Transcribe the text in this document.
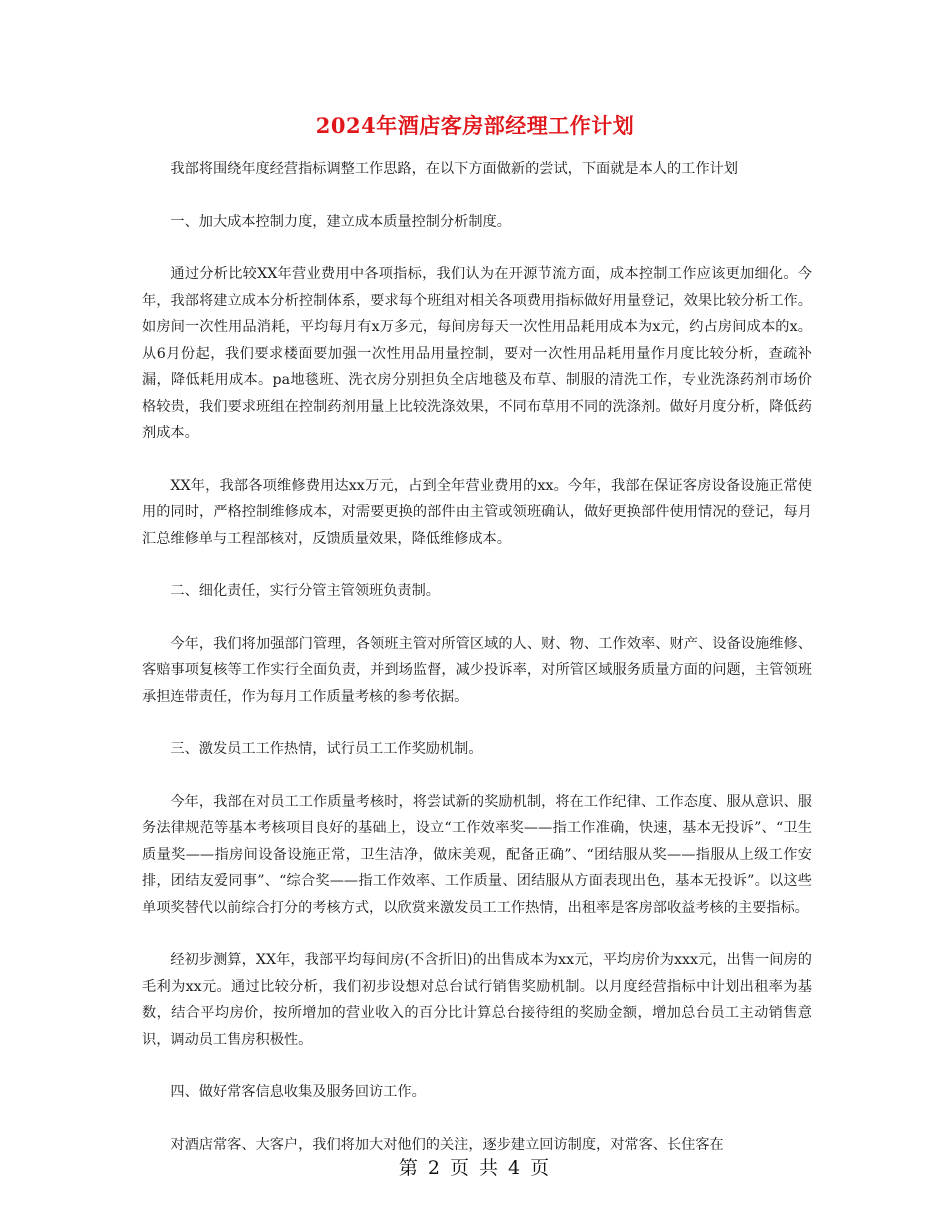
2024年酒店客房部经理工作计划

我部将围绕年度经营指标调整工作思路，在以下方面做新的尝试，下面就是本人的工作计划

一、加大成本控制力度，建立成本质量控制分析制度。

通过分析比较XX年营业费用中各项指标，我们认为在开源节流方面，成本控制工作应该更加细化。今年，我部将建立成本分析控制体系，要求每个班组对相关各项费用指标做好用量登记，效果比较分析工作。如房间一次性用品消耗，平均每月有x万多元，每间房每天一次性用品耗用成本为x元，约占房间成本的x。从6月份起，我们要求楼面要加强一次性用品用量控制，要对一次性用品耗用量作月度比较分析，查疏补漏，降低耗用成本。pa地毯班、洗衣房分别担负全店地毯及布草、制服的清洗工作，专业洗涤药剂市场价格较贵，我们要求班组在控制药剂用量上比较洗涤效果，不同布草用不同的洗涤剂。做好月度分析，降低药剂成本。

XX年，我部各项维修费用达xx万元，占到全年营业费用的xx。今年，我部在保证客房设备设施正常使用的同时，严格控制维修成本，对需要更换的部件由主管或领班确认，做好更换部件使用情况的登记，每月汇总维修单与工程部核对，反馈质量效果，降低维修成本。

二、细化责任，实行分管主管领班负责制。

今年，我们将加强部门管理，各领班主管对所管区域的人、财、物、工作效率、财产、设备设施维修、客赔事项复核等工作实行全面负责，并到场监督，减少投诉率，对所管区域服务质量方面的问题，主管领班承担连带责任，作为每月工作质量考核的参考依据。

三、激发员工工作热情，试行员工工作奖励机制。

今年，我部在对员工工作质量考核时，将尝试新的奖励机制，将在工作纪律、工作态度、服从意识、服务法律规范等基本考核项目良好的基础上，设立“工作效率奖——指工作准确，快速，基本无投诉”、“卫生质量奖——指房间设备设施正常，卫生洁净，做床美观，配备正确”、“团结服从奖——指服从上级工作安排，团结友爱同事”、“综合奖——指工作效率、工作质量、团结服从方面表现出色，基本无投诉”。以这些单项奖替代以前综合打分的考核方式，以欣赏来激发员工工作热情，出租率是客房部收益考核的主要指标。

经初步测算，XX年，我部平均每间房(不含折旧)的出售成本为xx元，平均房价为xxx元，出售一间房的毛利为xx元。通过比较分析，我们初步设想对总台试行销售奖励机制。以月度经营指标中计划出租率为基数，结合平均房价，按所增加的营业收入的百分比计算总台接待组的奖励金额，增加总台员工主动销售意识，调动员工售房积极性。

四、做好常客信息收集及服务回访工作。

对酒店常客、大客户，我们将加大对他们的关注，逐步建立回访制度，对常客、长住客在

第 2 页 共 4 页
